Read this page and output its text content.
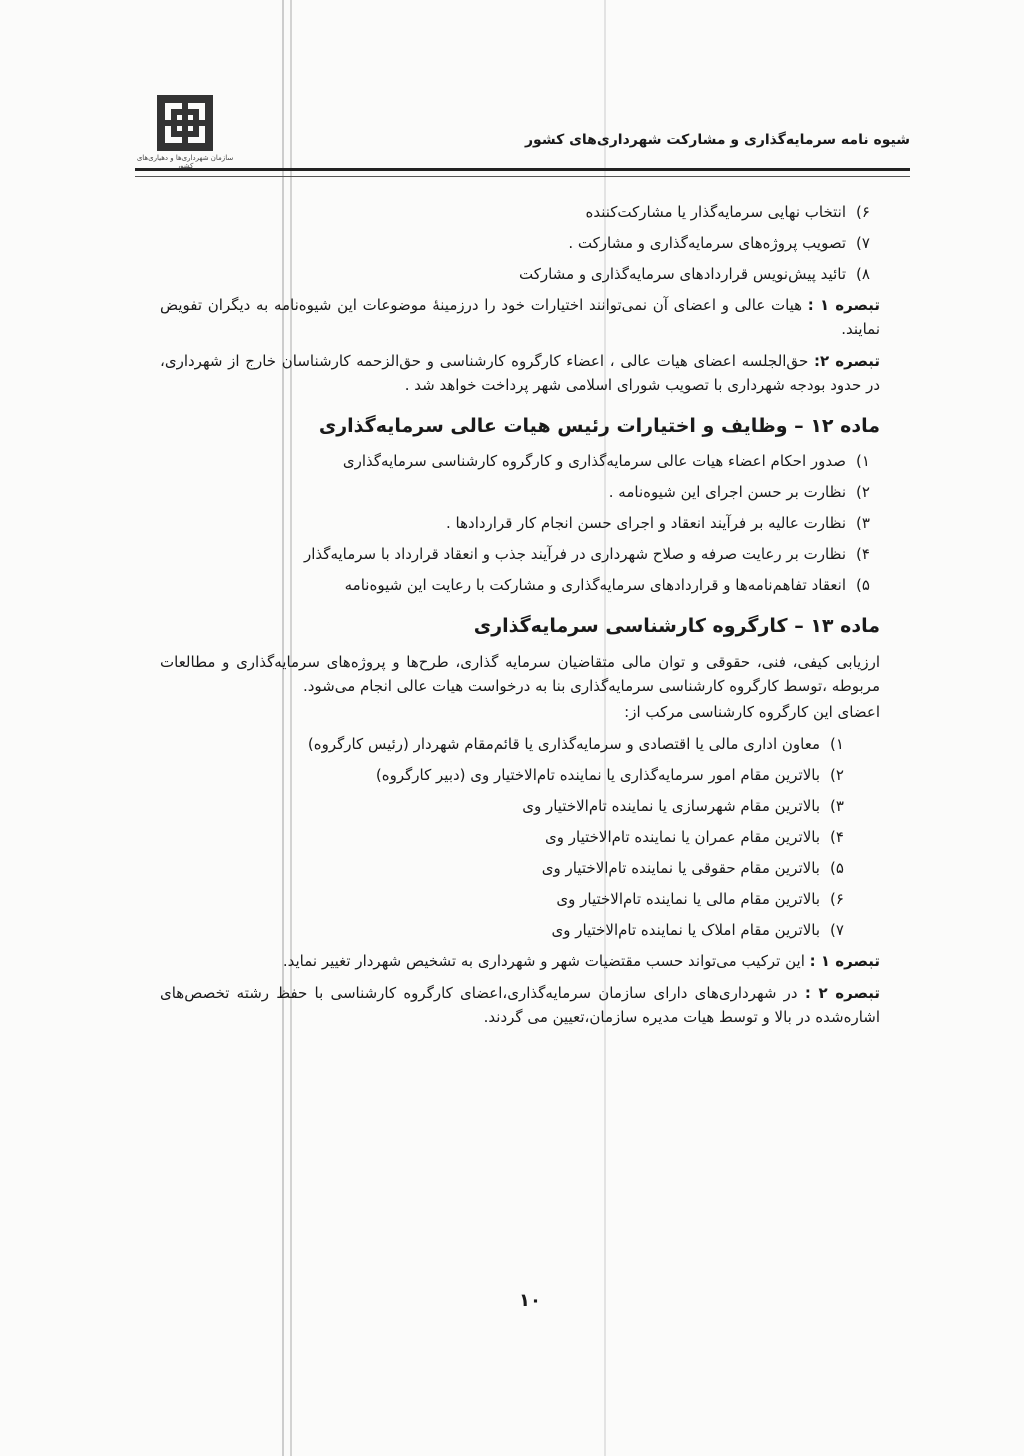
سازمان شهرداری‌ها و دهیاری‌های کشور
شیوه نامه سرمایه‌گذاری و مشارکت شهرداری‌های کشور
۶)
انتخاب نهایی سرمایه‌گذار یا مشارکت‌کننده
۷)
تصویب پروژه‌های سرمایه‌گذاری و مشارکت .
۸)
تائید پیش‌نویس قراردادهای سرمایه‌گذاری و مشارکت

تبصره ۱ : هیات عالی و اعضای آن نمی‌توانند اختیارات خود را درزمینهٔ موضوعات این شیوه‌نامه به دیگران تفویض نمایند.

تبصره ۲: حق‌الجلسه اعضای هیات عالی ، اعضاء کارگروه کارشناسی و حق‌الزحمه کارشناسان خارج از شهرداری، در حدود بودجه شهرداری با تصویب شورای اسلامی شهر پرداخت خواهد شد .

ماده ۱۲ – وظایف و اختیارات رئیس هیات عالی سرمایه‌گذاری
۱)
صدور احکام اعضاء هیات عالی سرمایه‌گذاری و کارگروه کارشناسی سرمایه‌گذاری
۲)
نظارت بر حسن اجرای این شیوه‌نامه .
۳)
نظارت عالیه بر فرآیند انعقاد و اجرای حسن انجام کار قراردادها .
۴)
نظارت بر رعایت صرفه و صلاح شهرداری در فرآیند جذب و انعقاد قرارداد با سرمایه‌گذار
۵)
انعقاد تفاهم‌نامه‌ها و قراردادهای سرمایه‌گذاری و مشارکت با رعایت این شیوه‌نامه
ماده ۱۳ – کارگروه کارشناسی سرمایه‌گذاری

ارزیابی کیفی، فنی، حقوقی و توان مالی متقاضیان سرمایه گذاری، طرح‌ها و پروژه‌های سرمایه‌گذاری و مطالعات مربوطه ،توسط کارگروه کارشناسی سرمایه‌گذاری بنا به درخواست هیات عالی انجام می‌شود.

اعضای این کارگروه کارشناسی مرکب از:

۱)
معاون اداری مالی یا اقتصادی و سرمایه‌گذاری یا قائم‌مقام شهردار (رئیس کارگروه)
۲)
بالاترین مقام امور سرمایه‌گذاری یا نماینده تام‌الاختیار وی (دبیر کارگروه)
۳)
بالاترین مقام شهرسازی یا نماینده تام‌الاختیار وی
۴)
بالاترین مقام عمران یا نماینده تام‌الاختیار وی
۵)
بالاترین مقام حقوقی یا نماینده تام‌الاختیار وی
۶)
بالاترین مقام مالی یا نماینده تام‌الاختیار وی
۷)
بالاترین مقام املاک یا نماینده تام‌الاختیار وی

تبصره ۱ : این ترکیب می‌تواند حسب مقتضیات شهر و شهرداری به تشخیص شهردار تغییر نماید.

تبصره ۲ : در شهرداری‌های دارای سازمان سرمایه‌گذاری،اعضای کارگروه کارشناسی با حفظ رشته تخصص‌های اشاره‌شده در بالا و توسط هیات مدیره سازمان،تعیین می گردند.

۱۰
